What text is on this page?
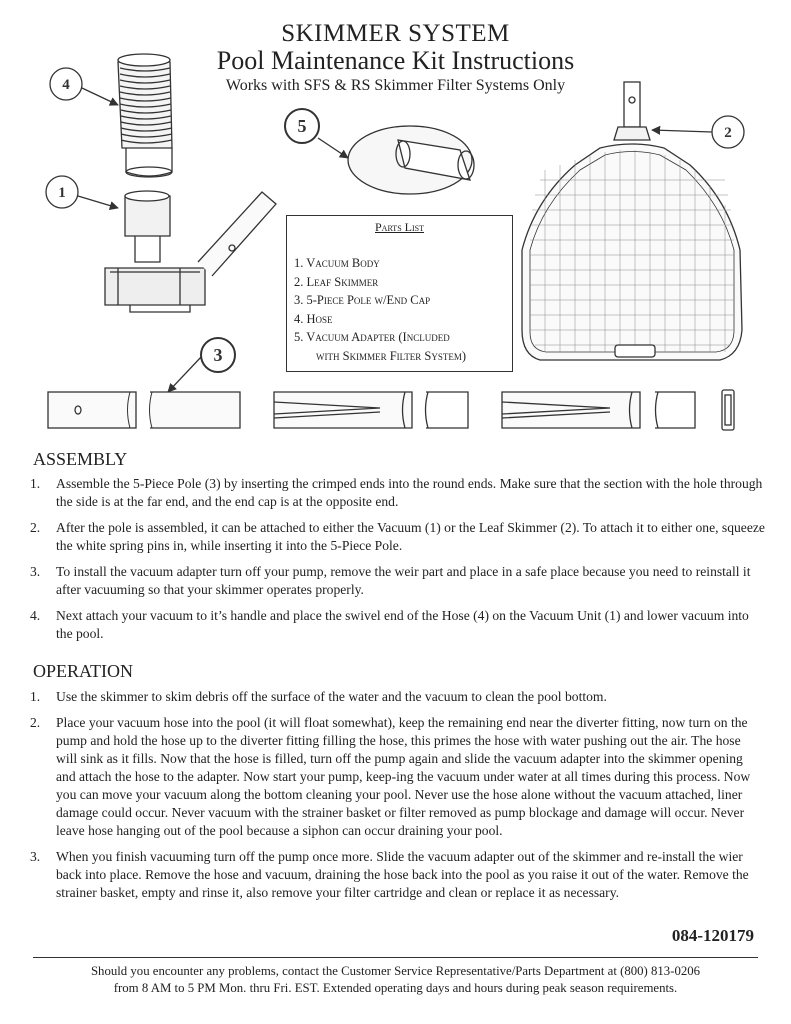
SKIMMER SYSTEM
Pool Maintenance Kit Instructions
Works with SFS & RS Skimmer Filter Systems Only
4
1
2
5
3
Parts List
1. Vacuum Body
2. Leaf Skimmer
3. 5-Piece Pole w/End Cap
4. Hose
5. Vacuum Adapter (Included
with Skimmer Filter System)
ASSEMBLY
1. Assemble the 5-Piece Pole (3) by inserting the crimped ends into the round ends. Make sure that the section with the hole through the side is at the far end, and the end cap is at the opposite end.
2. After the pole is assembled, it can be attached to either the Vacuum (1) or the Leaf Skimmer (2). To attach it to either one, squeeze the white spring pins in, while inserting it into the 5-Piece Pole.
3. To install the vacuum adapter turn off your pump, remove the weir part and place in a safe place because you need to reinstall it after vacuuming so that your skimmer operates properly.
4. Next attach your vacuum to it’s handle and place the swivel end of the Hose (4) on the Vacuum Unit (1) and lower vacuum into the pool.
OPERATION
1. Use the skimmer to skim debris off the surface of the water and the vacuum to clean the pool bottom.
2. Place your vacuum hose into the pool (it will float somewhat), keep the remaining end near the diverter fitting, now turn on the pump and hold the hose up to the diverter fitting filling the hose, this primes the hose with water pushing out the air. The hose will sink as it fills. Now that the hose is filled, turn off the pump again and slide the vacuum adapter into the skimmer opening and attach the hose to the adapter. Now start your pump, keep-ing the vacuum under water at all times during this process. Now you can move your vacuum along the bottom cleaning your pool. Never use the hose alone without the vacuum attached, liner damage could occur. Never vacuum with the strainer basket or filter removed as pump blockage and damage will occur. Never leave hose hanging out of the pool because a siphon can occur draining your pool.
3. When you finish vacuuming turn off the pump once more. Slide the vacuum adapter out of the skimmer and re-install the wier back into place. Remove the hose and vacuum, draining the hose back into the pool as you raise it out of the water. Remove the strainer basket, empty and rinse it, also remove your filter cartridge and clean or replace it as necessary.
084-120179
Should you encounter any problems, contact the Customer Service Representative/Parts Department at (800) 813-0206
from 8 AM to 5 PM Mon. thru Fri. EST. Extended operating days and hours during peak season requirements.
